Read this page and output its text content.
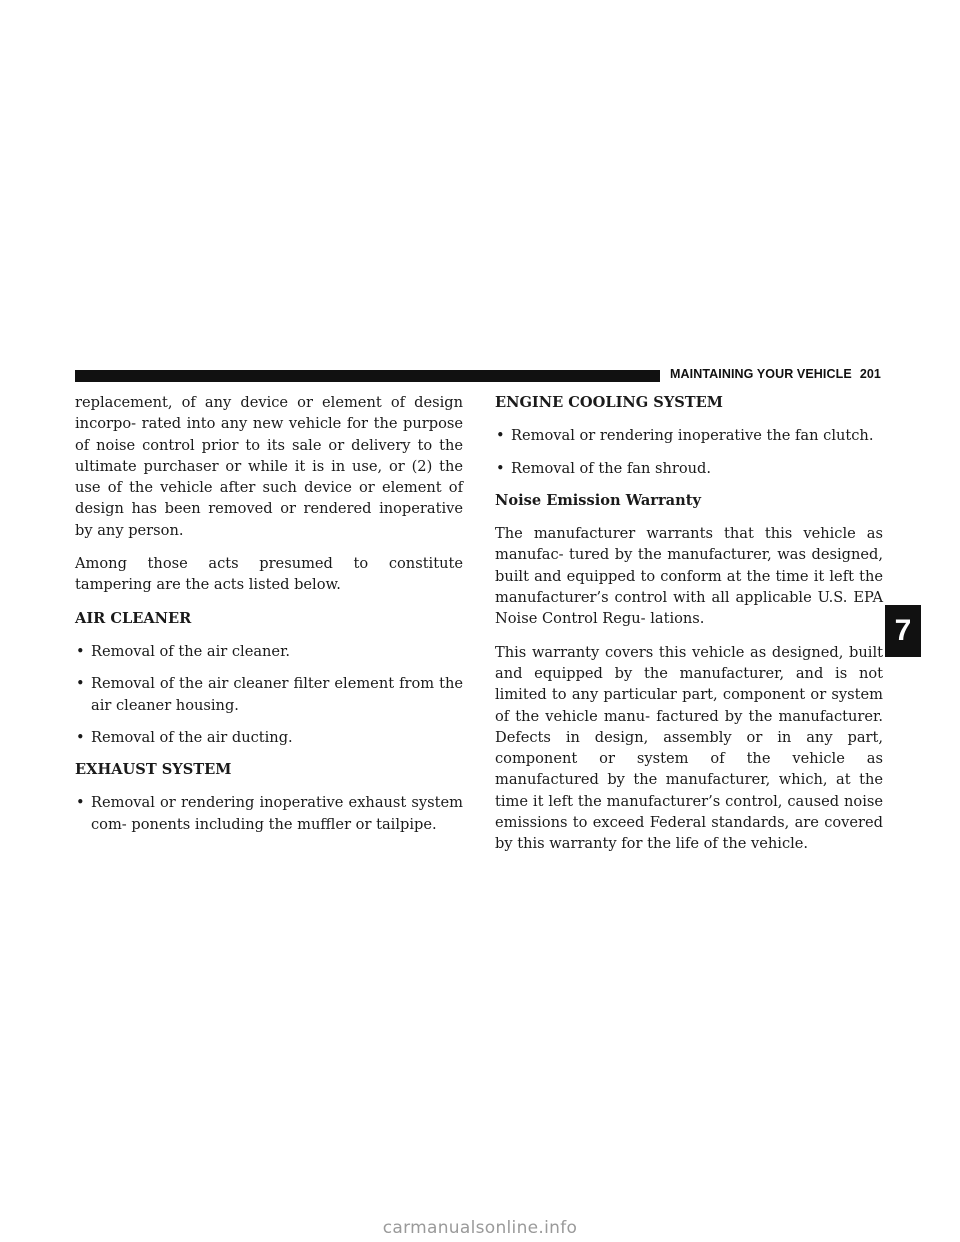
MAINTAINING YOUR VEHICLE 201
7

replacement, of any device or element of design incorpo- rated into any new vehicle for the purpose of noise control prior to its sale or delivery to the ultimate purchaser or while it is in use, or (2) the use of the vehicle after such device or element of design has been removed or rendered inoperative by any person.

Among those acts presumed to constitute tampering are the acts listed below.

AIR CLEANER
• Removal of the air cleaner.
• Removal of the air cleaner filter element from the air cleaner housing.
• Removal of the air ducting.
EXHAUST SYSTEM
• Removal or rendering inoperative exhaust system com- ponents including the muffler or tailpipe.
ENGINE COOLING SYSTEM
• Removal or rendering inoperative the fan clutch.
• Removal of the fan shroud.
Noise Emission Warranty

The manufacturer warrants that this vehicle as manufac- tured by the manufacturer, was designed, built and equipped to conform at the time it left the manufacturer’s control with all applicable U.S. EPA Noise Control Regu- lations.

This warranty covers this vehicle as designed, built and equipped by the manufacturer, and is not limited to any particular part, component or system of the vehicle manu- factured by the manufacturer. Defects in design, assembly or in any part, component or system of the vehicle as manufactured by the manufacturer, which, at the time it left the manufacturer’s control, caused noise emissions to exceed Federal standards, are covered by this warranty for the life of the vehicle.

carmanualsonline.info
